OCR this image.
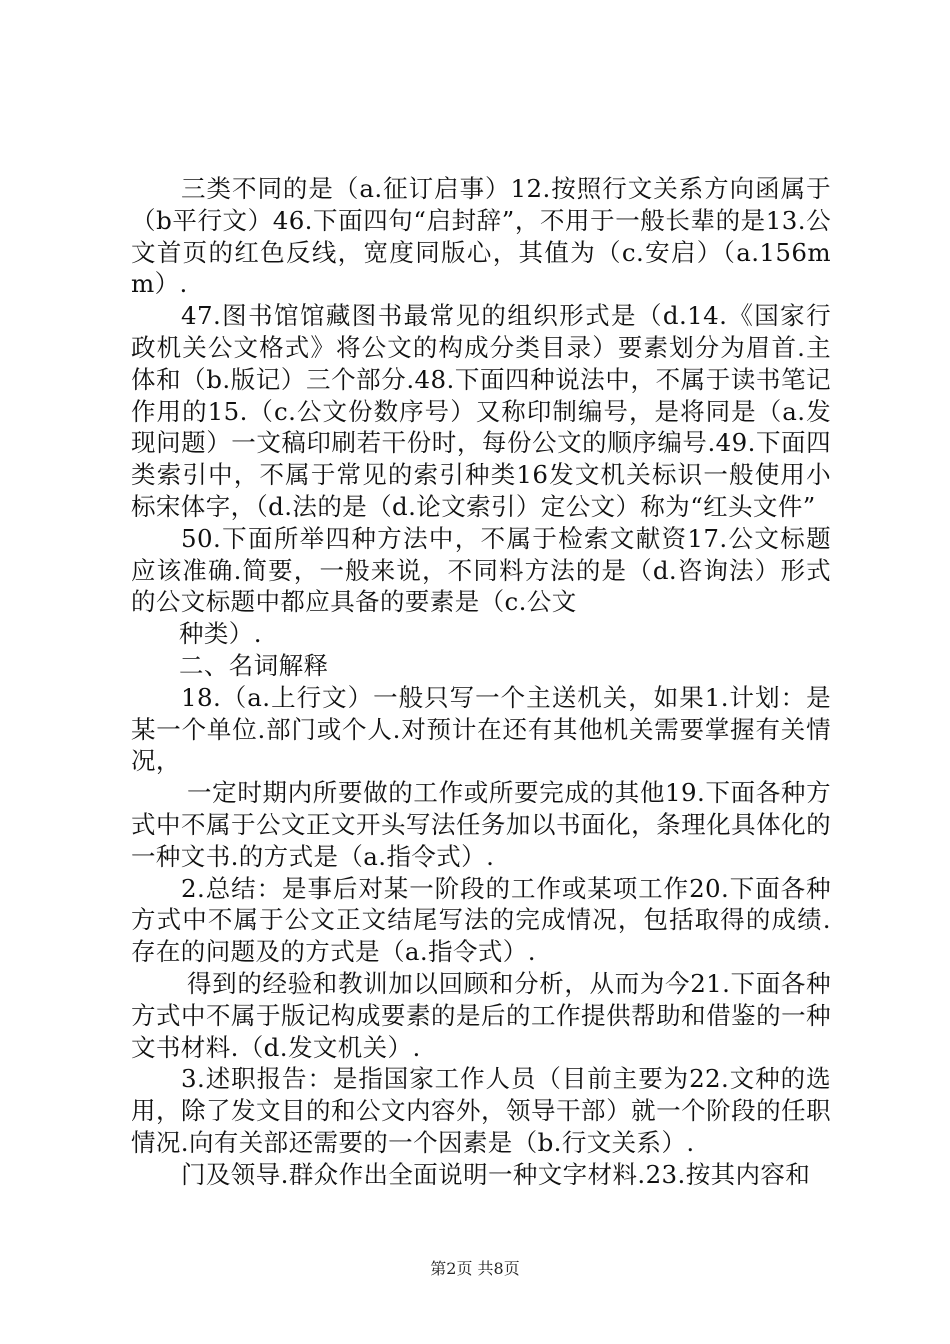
三类不同的是（a.征订启事）12.按照行文关系方向函属于（b平行文）46.下面四句“启封辞”，不用于一般长辈的是13.公文首页的红色反线，宽度同版心，其值为（c.安启）（a.156mm）.

47.图书馆馆藏图书最常见的组织形式是（d.14.《国家行政机关公文格式》将公文的构成分类目录）要素划分为眉首.主体和（b.版记）三个部分.48.下面四种说法中，不属于读书笔记作用的15.（c.公文份数序号）又称印制编号，是将同是（a.发现问题）一文稿印刷若干份时，每份公文的顺序编号.49.下面四类索引中，不属于常见的索引种类16发文机关标识一般使用小标宋体字，（d.法的是（d.论文索引）定公文）称为“红头文件”

50.下面所举四种方法中，不属于检索文献资17.公文标题应该准确.简要，一般来说，不同料方法的是（d.咨询法）形式的公文标题中都应具备的要素是（c.公文

种类）.

二、名词解释

18.（a.上行文）一般只写一个主送机关，如果1.计划：是某一个单位.部门或个人.对预计在还有其他机关需要掌握有关情况，

一定时期内所要做的工作或所要完成的其他19.下面各种方式中不属于公文正文开头写法任务加以书面化，条理化具体化的一种文书.的方式是（a.指令式）.

2.总结：是事后对某一阶段的工作或某项工作20.下面各种方式中不属于公文正文结尾写法的完成情况，包括取得的成绩.存在的问题及的方式是（a.指令式）.

得到的经验和教训加以回顾和分析，从而为今21.下面各种方式中不属于版记构成要素的是后的工作提供帮助和借鉴的一种文书材料.（d.发文机关）.

3.述职报告：是指国家工作人员（目前主要为22.文种的选用，除了发文目的和公文内容外，领导干部）就一个阶段的任职情况.向有关部还需要的一个因素是（b.行文关系）.

门及领导.群众作出全面说明一种文字材料.23.按其内容和

第2页 共8页
